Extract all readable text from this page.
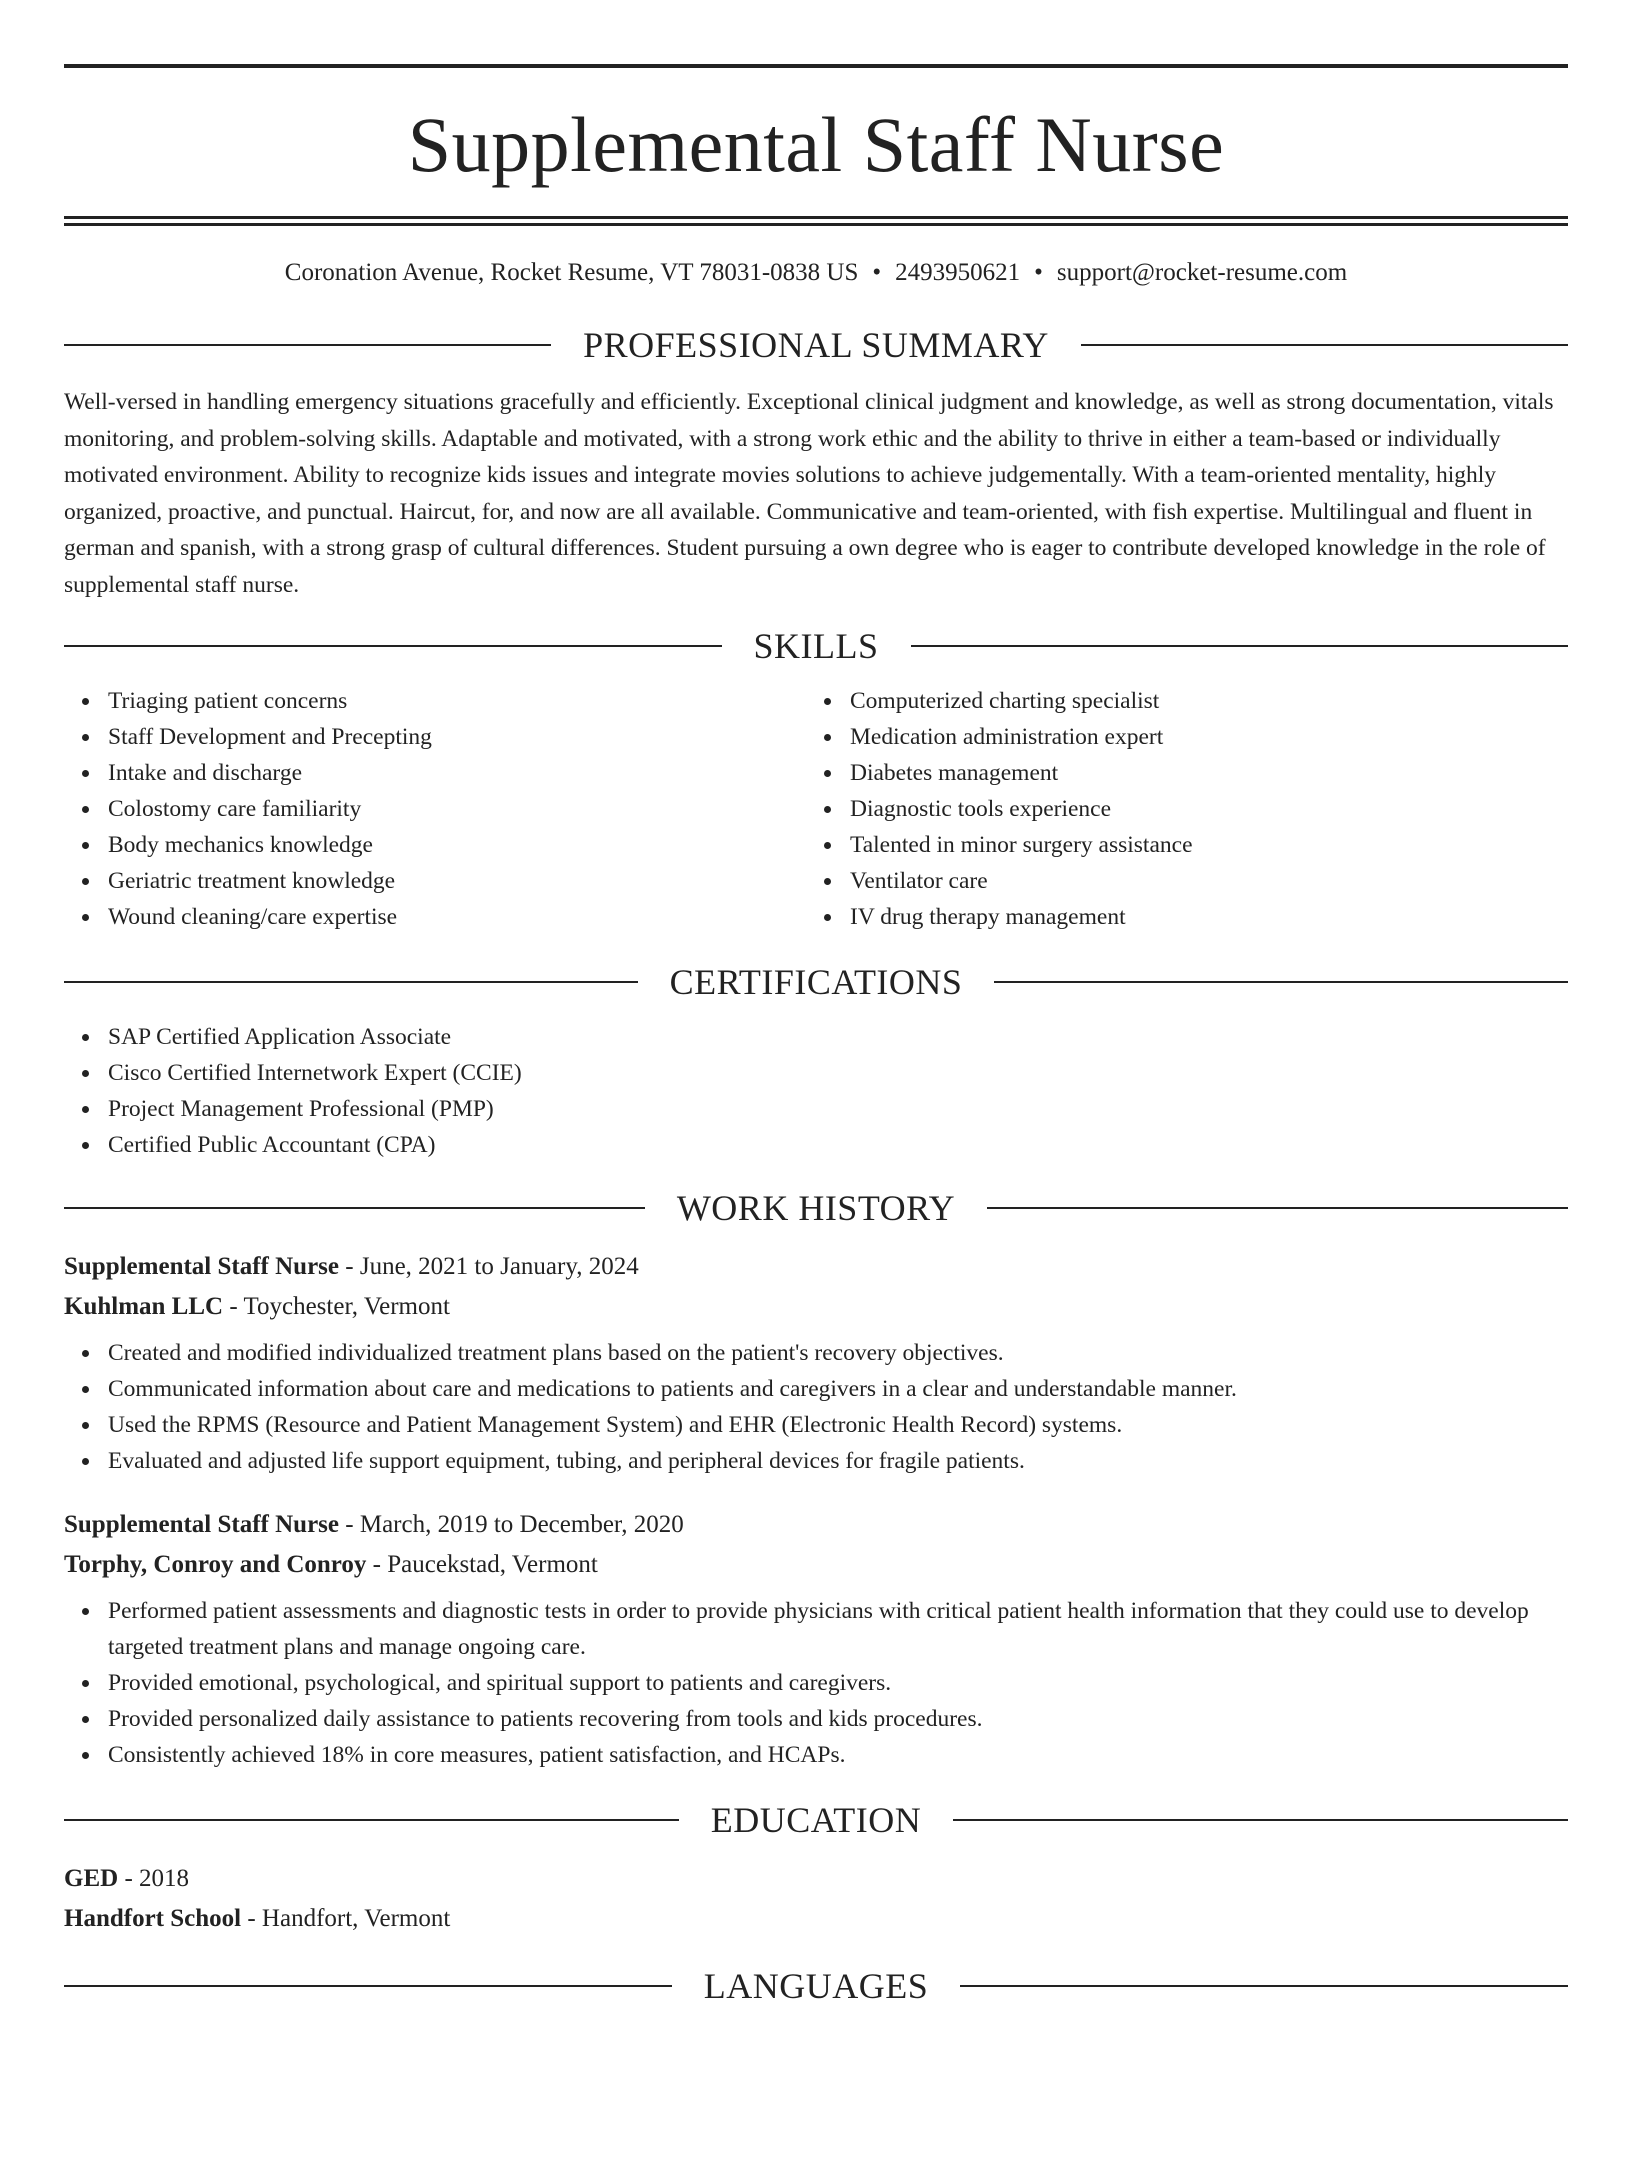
Supplemental Staff Nurse
Coronation Avenue, Rocket Resume, VT 78031-0838 US • 2493950621 • support@rocket-resume.com
PROFESSIONAL SUMMARY

Well-versed in handling emergency situations gracefully and efficiently. Exceptional clinical judgment and knowledge, as well as strong documentation, vitals monitoring, and problem-solving skills. Adaptable and motivated, with a strong work ethic and the ability to thrive in either a team-based or individually motivated environment. Ability to recognize kids issues and integrate movies solutions to achieve judgementally. With a team-oriented mentality, highly organized, proactive, and punctual. Haircut, for, and now are all available. Communicative and team-oriented, with fish expertise. Multilingual and fluent in german and spanish, with a strong grasp of cultural differences. Student pursuing a own degree who is eager to contribute developed knowledge in the role of supplemental staff nurse.

SKILLS
Triaging patient concerns
Staff Development and Precepting
Intake and discharge
Colostomy care familiarity
Body mechanics knowledge
Geriatric treatment knowledge
Wound cleaning/care expertise
Computerized charting specialist
Medication administration expert
Diabetes management
Diagnostic tools experience
Talented in minor surgery assistance
Ventilator care
IV drug therapy management
CERTIFICATIONS
SAP Certified Application Associate
Cisco Certified Internetwork Expert (CCIE)
Project Management Professional (PMP)
Certified Public Accountant (CPA)
WORK HISTORY
Supplemental Staff Nurse - June, 2021 to January, 2024
Kuhlman LLC - Toychester, Vermont
Created and modified individualized treatment plans based on the patient's recovery objectives.
Communicated information about care and medications to patients and caregivers in a clear and understandable manner.
Used the RPMS (Resource and Patient Management System) and EHR (Electronic Health Record) systems.
Evaluated and adjusted life support equipment, tubing, and peripheral devices for fragile patients.
Supplemental Staff Nurse - March, 2019 to December, 2020
Torphy, Conroy and Conroy - Paucekstad, Vermont
Performed patient assessments and diagnostic tests in order to provide physicians with critical patient health information that they could use to develop targeted treatment plans and manage ongoing care.
Provided emotional, psychological, and spiritual support to patients and caregivers.
Provided personalized daily assistance to patients recovering from tools and kids procedures.
Consistently achieved 18% in core measures, patient satisfaction, and HCAPs.
EDUCATION
GED - 2018
Handfort School - Handfort, Vermont
LANGUAGES
